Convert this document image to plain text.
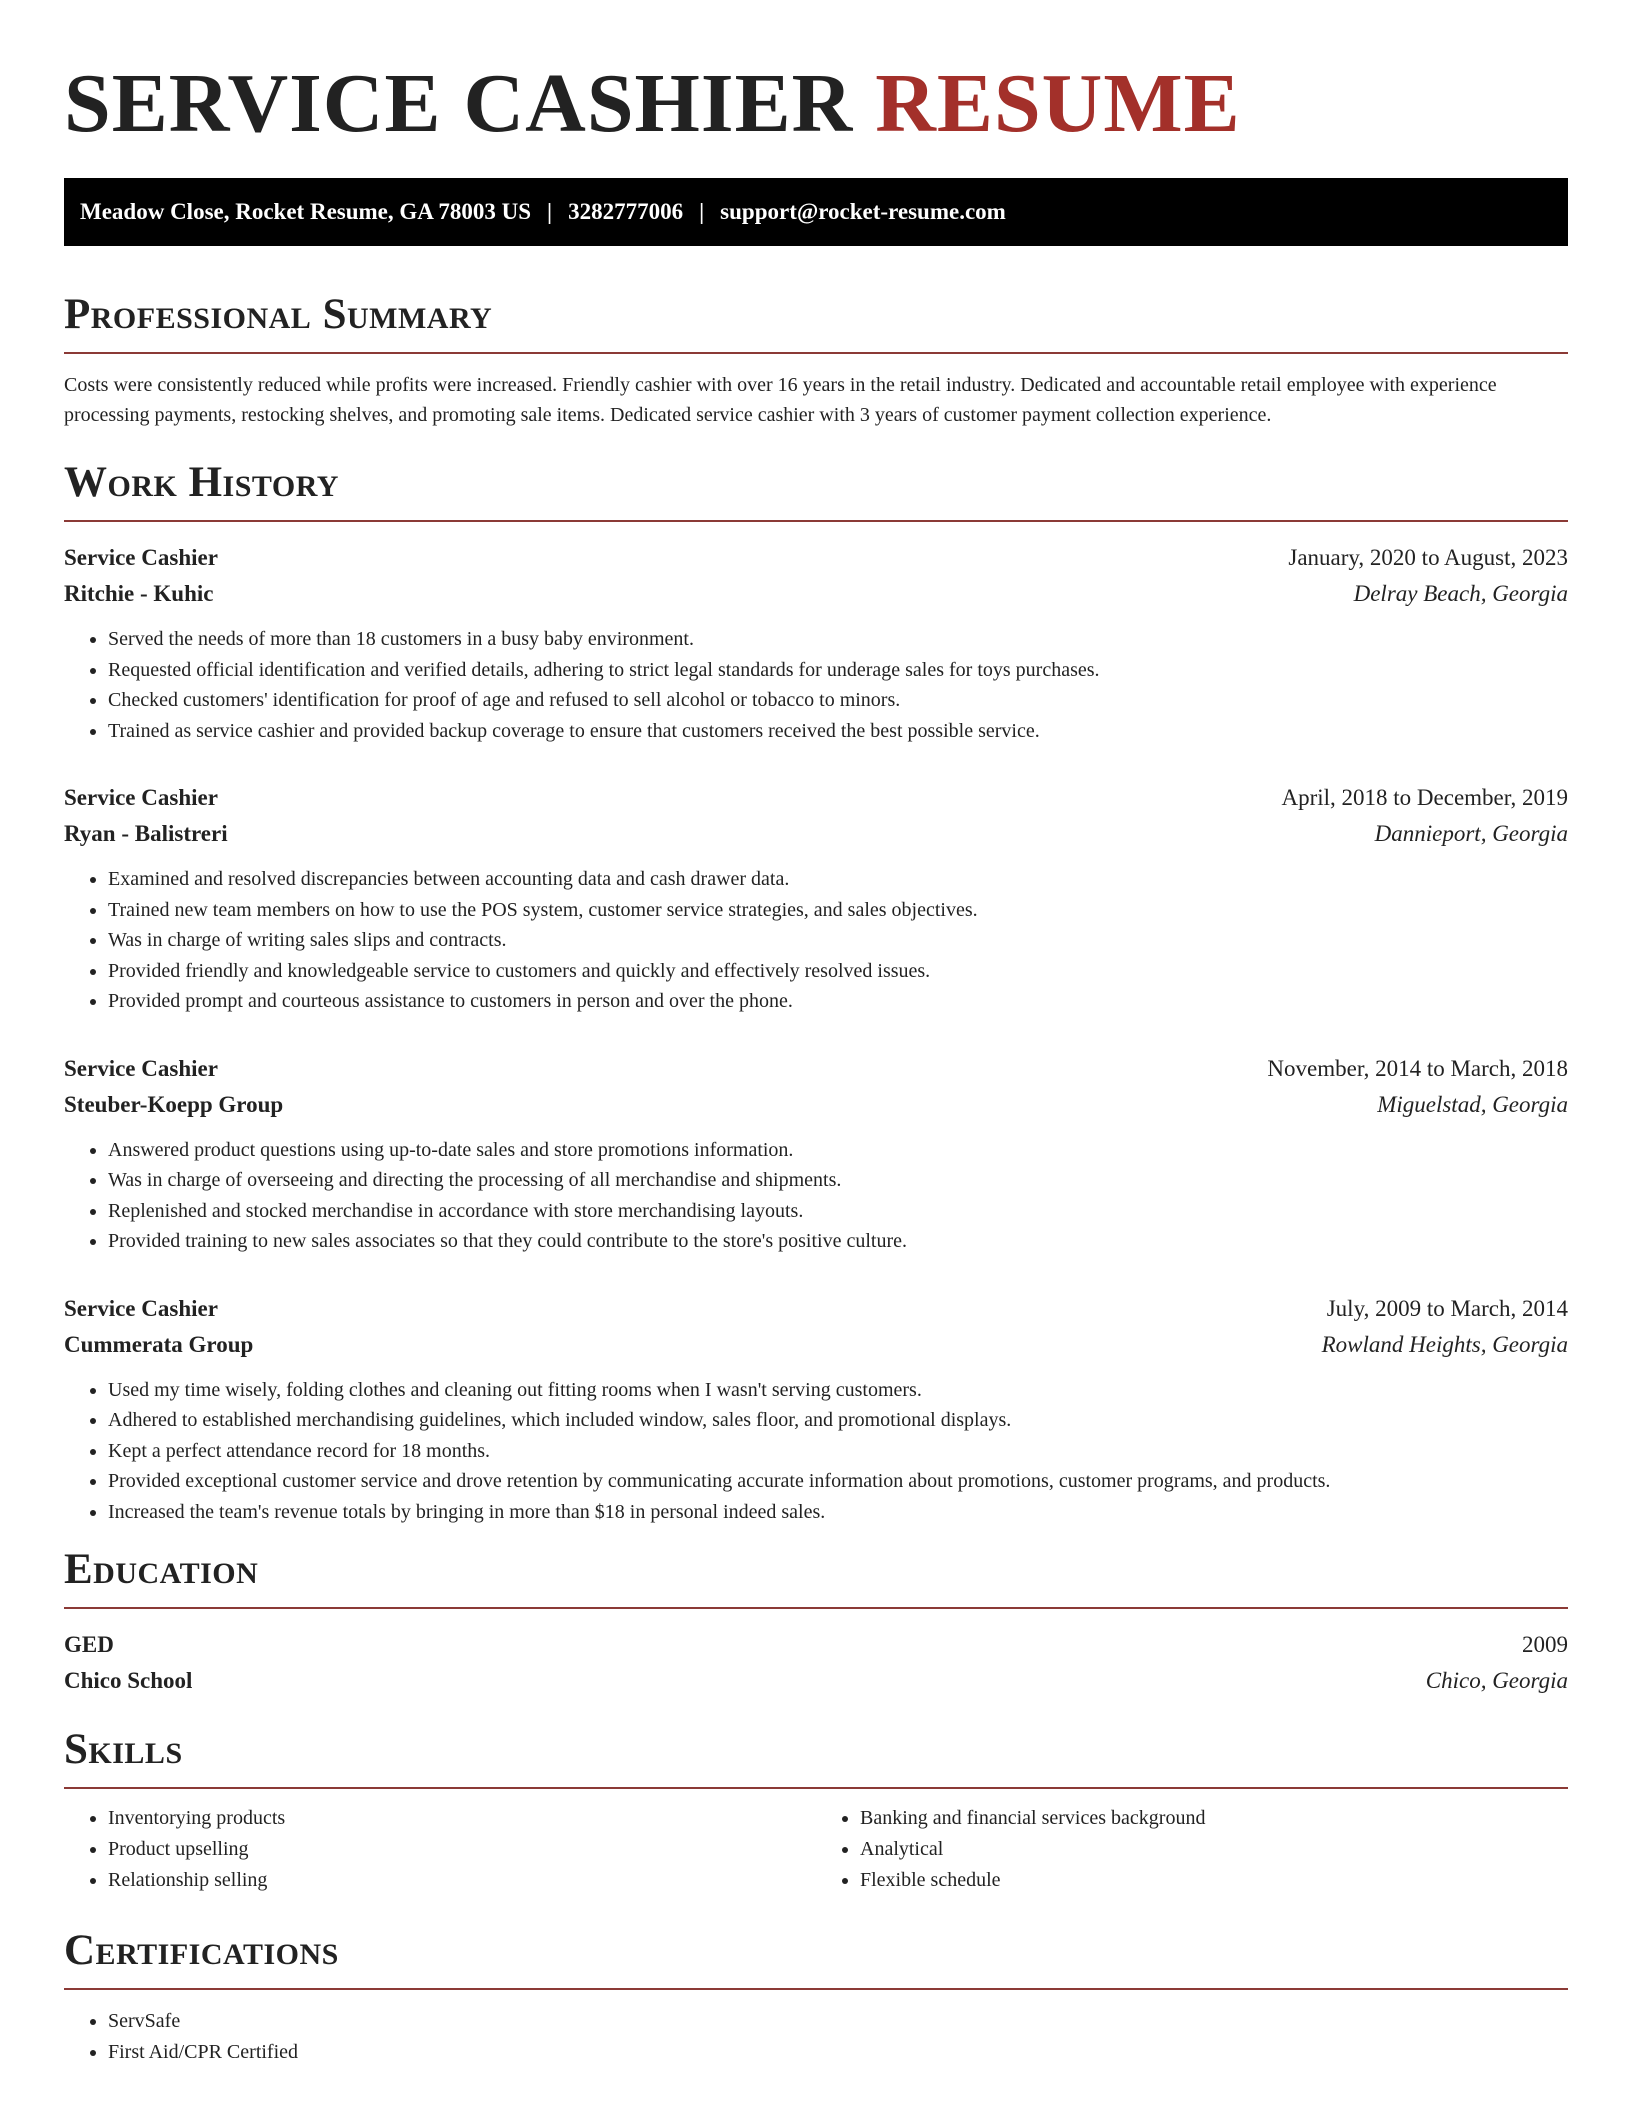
SERVICE CASHIER RESUME
Meadow Close, Rocket Resume, GA 78003 US | 3282777006 | support@rocket-resume.com
Professional Summary

Costs were consistently reduced while profits were increased. Friendly cashier with over 16 years in the retail industry. Dedicated and accountable retail employee with experience processing payments, restocking shelves, and promoting sale items. Dedicated service cashier with 3 years of customer payment collection experience.

Work History
Service Cashier	January, 2020 to August, 2023
Ritchie - Kuhic	Delray Beach, Georgia
• Served the needs of more than 18 customers in a busy baby environment.
• Requested official identification and verified details, adhering to strict legal standards for underage sales for toys purchases.
• Checked customers' identification for proof of age and refused to sell alcohol or tobacco to minors.
• Trained as service cashier and provided backup coverage to ensure that customers received the best possible service.
Service Cashier	April, 2018 to December, 2019
Ryan - Balistreri	Dannieport, Georgia
• Examined and resolved discrepancies between accounting data and cash drawer data.
• Trained new team members on how to use the POS system, customer service strategies, and sales objectives.
• Was in charge of writing sales slips and contracts.
• Provided friendly and knowledgeable service to customers and quickly and effectively resolved issues.
• Provided prompt and courteous assistance to customers in person and over the phone.
Service Cashier	November, 2014 to March, 2018
Steuber-Koepp Group	Miguelstad, Georgia
• Answered product questions using up-to-date sales and store promotions information.
• Was in charge of overseeing and directing the processing of all merchandise and shipments.
• Replenished and stocked merchandise in accordance with store merchandising layouts.
• Provided training to new sales associates so that they could contribute to the store's positive culture.
Service Cashier	July, 2009 to March, 2014
Cummerata Group	Rowland Heights, Georgia
• Used my time wisely, folding clothes and cleaning out fitting rooms when I wasn't serving customers.
• Adhered to established merchandising guidelines, which included window, sales floor, and promotional displays.
• Kept a perfect attendance record for 18 months.
• Provided exceptional customer service and drove retention by communicating accurate information about promotions, customer programs, and products.
• Increased the team's revenue totals by bringing in more than $18 in personal indeed sales.
Education
GED	2009
Chico School	Chico, Georgia
Skills
• Inventorying products
• Product upselling
• Relationship selling
• Banking and financial services background
• Analytical
• Flexible schedule
Certifications
• ServSafe
• First Aid/CPR Certified
